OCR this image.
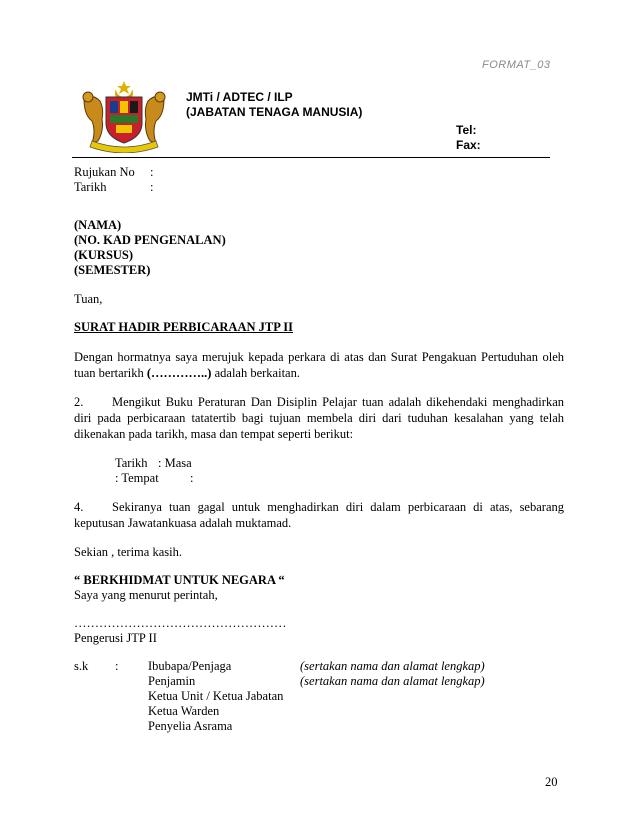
FORMAT_03
JMTi / ADTEC / ILP
(JABATAN TENAGA MANUSIA)
Tel:
Fax:
Rujukan No :
Tarikh	:
(NAMA)
(NO. KAD PENGENALAN)
(KURSUS)
(SEMESTER)
Tuan,
SURAT HADIR PERBICARAAN JTP II
Dengan hormatnya saya merujuk kepada perkara di atas dan Surat Pengakuan Pertuduhan oleh
tuan bertarikh (…………..) adalah berkaitan.
2. Mengikut Buku Peraturan Dan Disiplin Pelajar tuan adalah dikehendaki menghadirkan
diri pada perbicaraan tatatertib bagi tujuan membela diri dari tuduhan kesalahan yang telah
dikenakan pada tarikh, masa dan tempat seperti berikut:
Tarikh : Masa
: Tempat	:
4. Sekiranya tuan gagal untuk menghadirkan diri dalam perbicaraan di atas, sebarang
keputusan Jawatankuasa adalah muktamad.
Sekian , terima kasih.
“ BERKHIDMAT UNTUK NEGARA “
Saya yang menurut perintah,
……………………………………………
Pengerusi JTP II
s.k : Ibubapa/Penjaga	(sertakan nama dan alamat lengkap)
Penjamin	(sertakan nama dan alamat lengkap)
Ketua Unit / Ketua Jabatan
Ketua Warden
Penyelia Asrama
20
